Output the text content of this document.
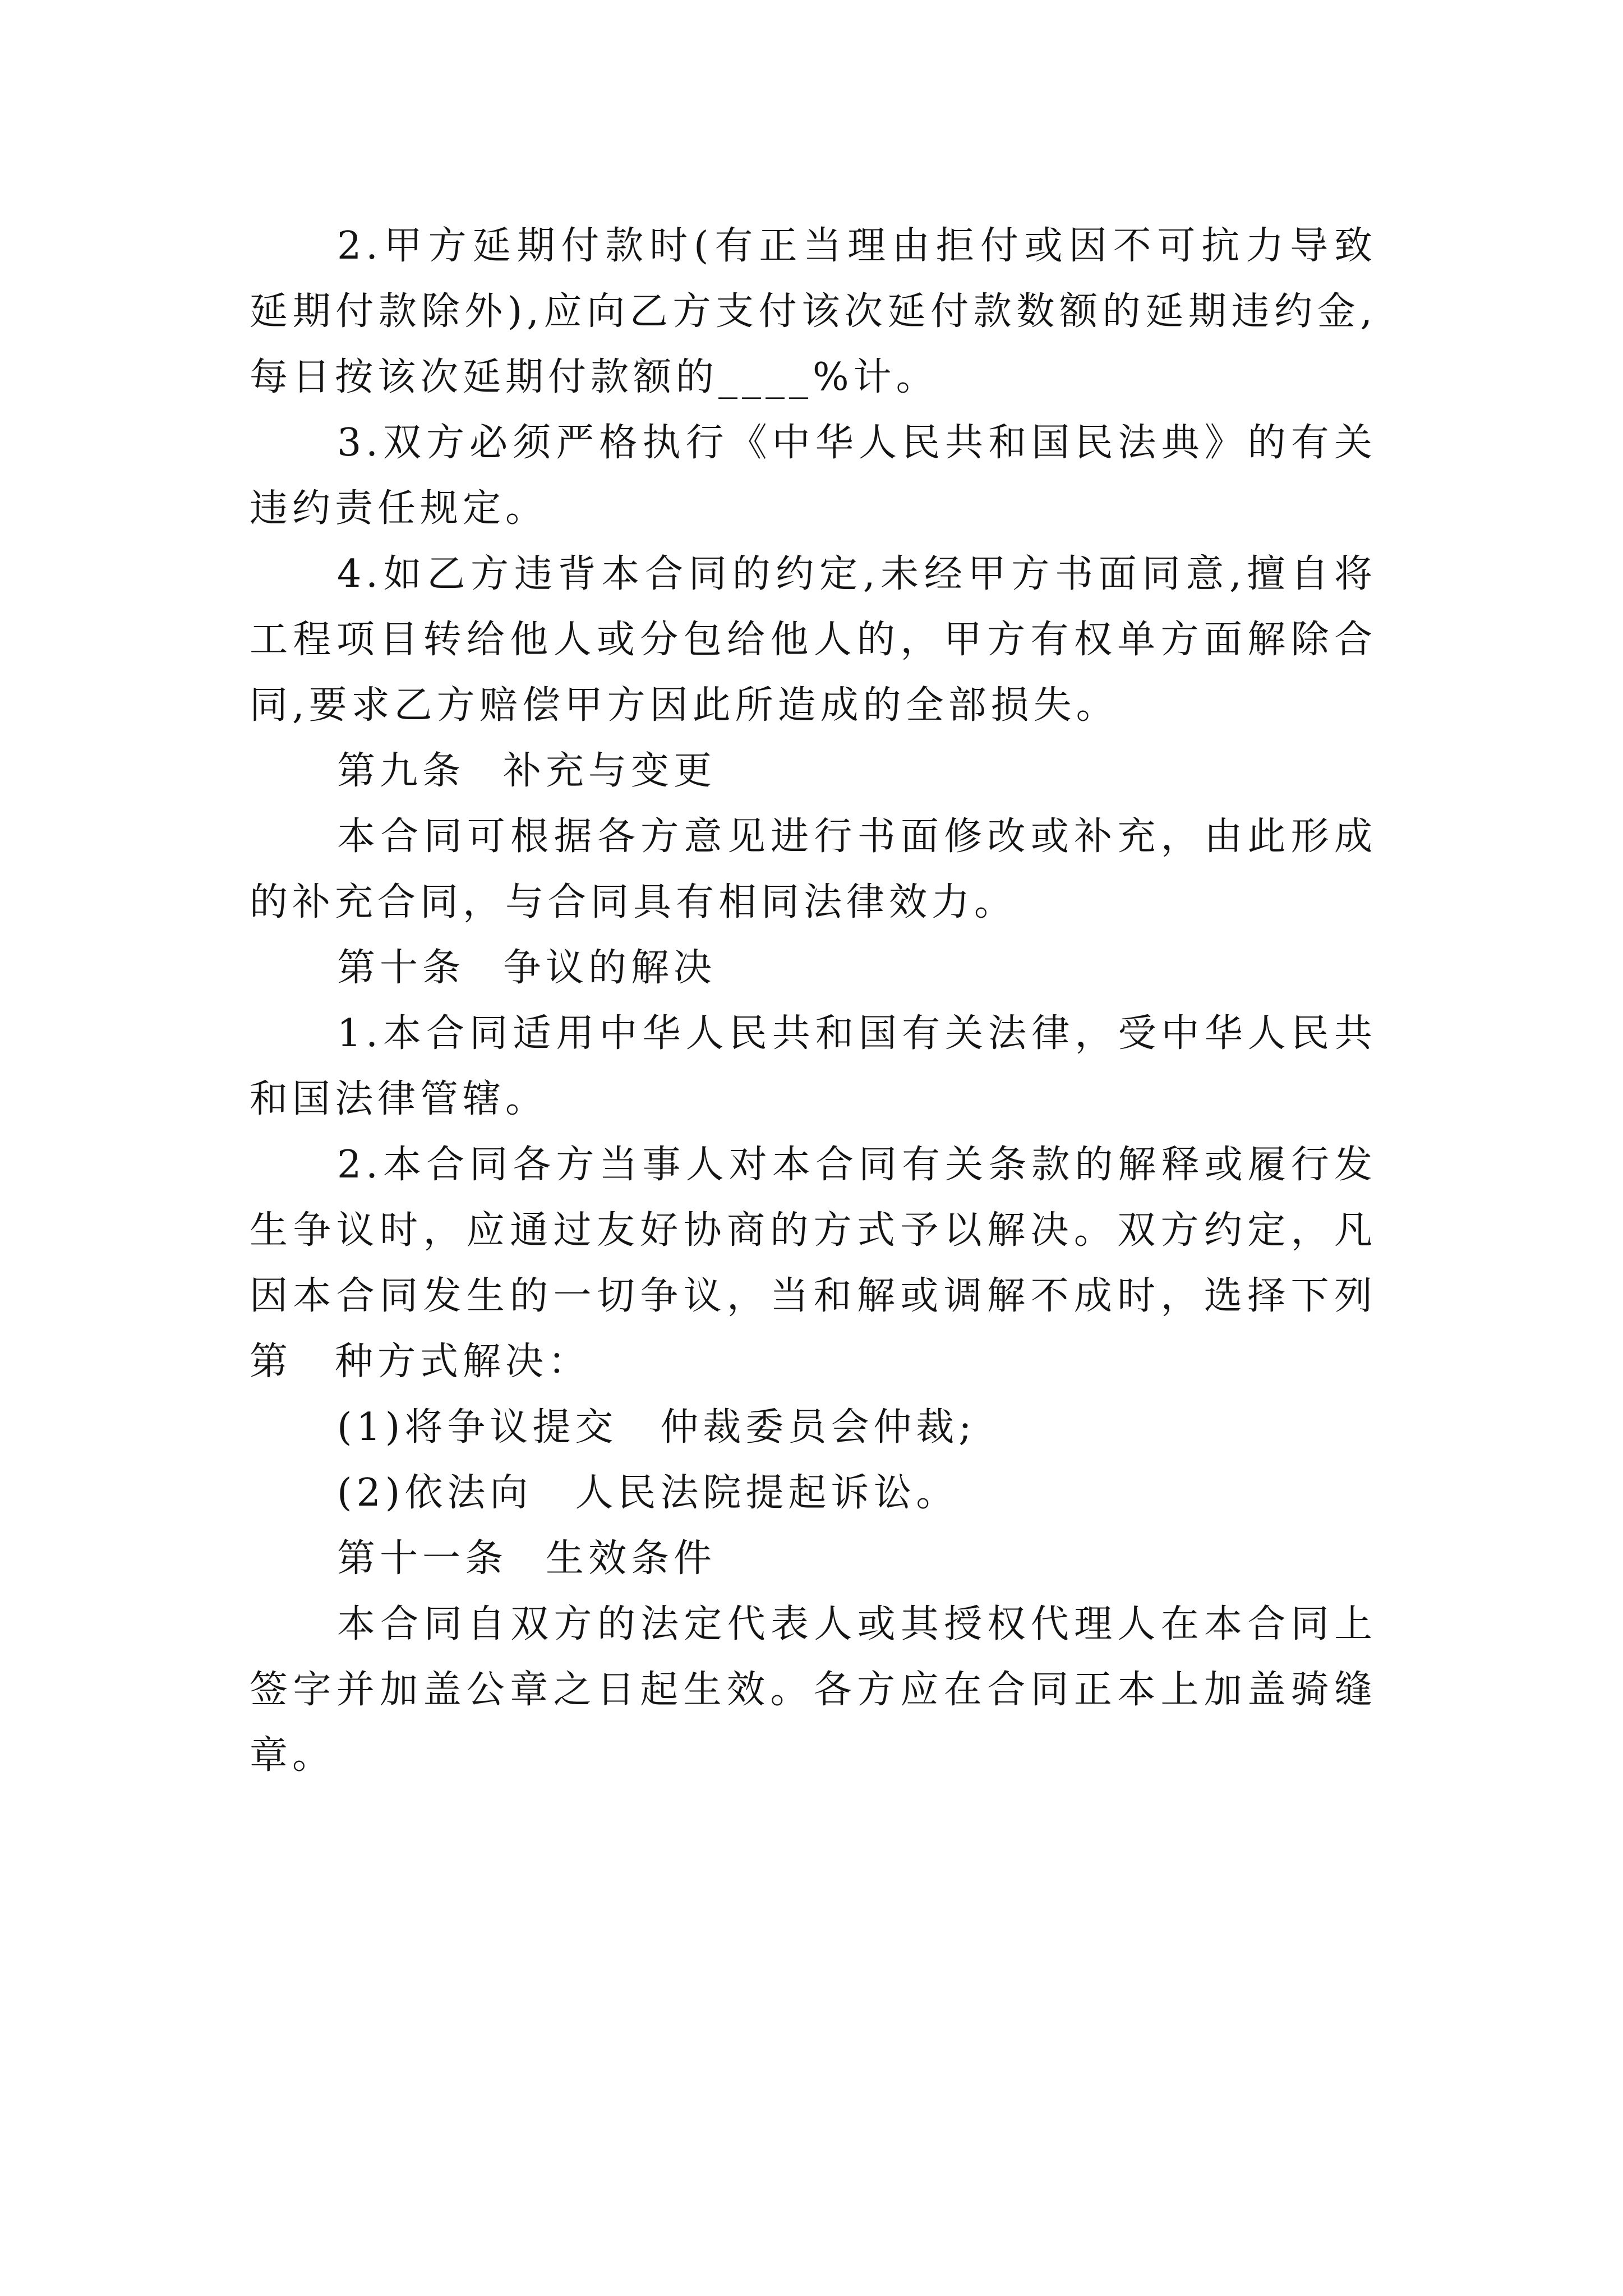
2.甲方延期付款时(有正当理由拒付或因不可抗力导致延期付款除外),应向乙方支付该次延付款数额的延期违约金,每日按该次延期付款额的____%计。

3.双方必须严格执行《中华人民共和国民法典》的有关违约责任规定。

4.如乙方违背本合同的约定,未经甲方书面同意,擅自将工程项目转给他人或分包给他人的，甲方有权单方面解除合同,要求乙方赔偿甲方因此所造成的全部损失。

第九条 补充与变更

本合同可根据各方意见进行书面修改或补充，由此形成的补充合同，与合同具有相同法律效力。

第十条 争议的解决

1.本合同适用中华人民共和国有关法律，受中华人民共和国法律管辖。

2.本合同各方当事人对本合同有关条款的解释或履行发生争议时，应通过友好协商的方式予以解决。双方约定，凡因本合同发生的一切争议，当和解或调解不成时，选择下列第　种方式解决：

(1)将争议提交　仲裁委员会仲裁;

(2)依法向　人民法院提起诉讼。

第十一条 生效条件

本合同自双方的法定代表人或其授权代理人在本合同上签字并加盖公章之日起生效。各方应在合同正本上加盖骑缝章。
